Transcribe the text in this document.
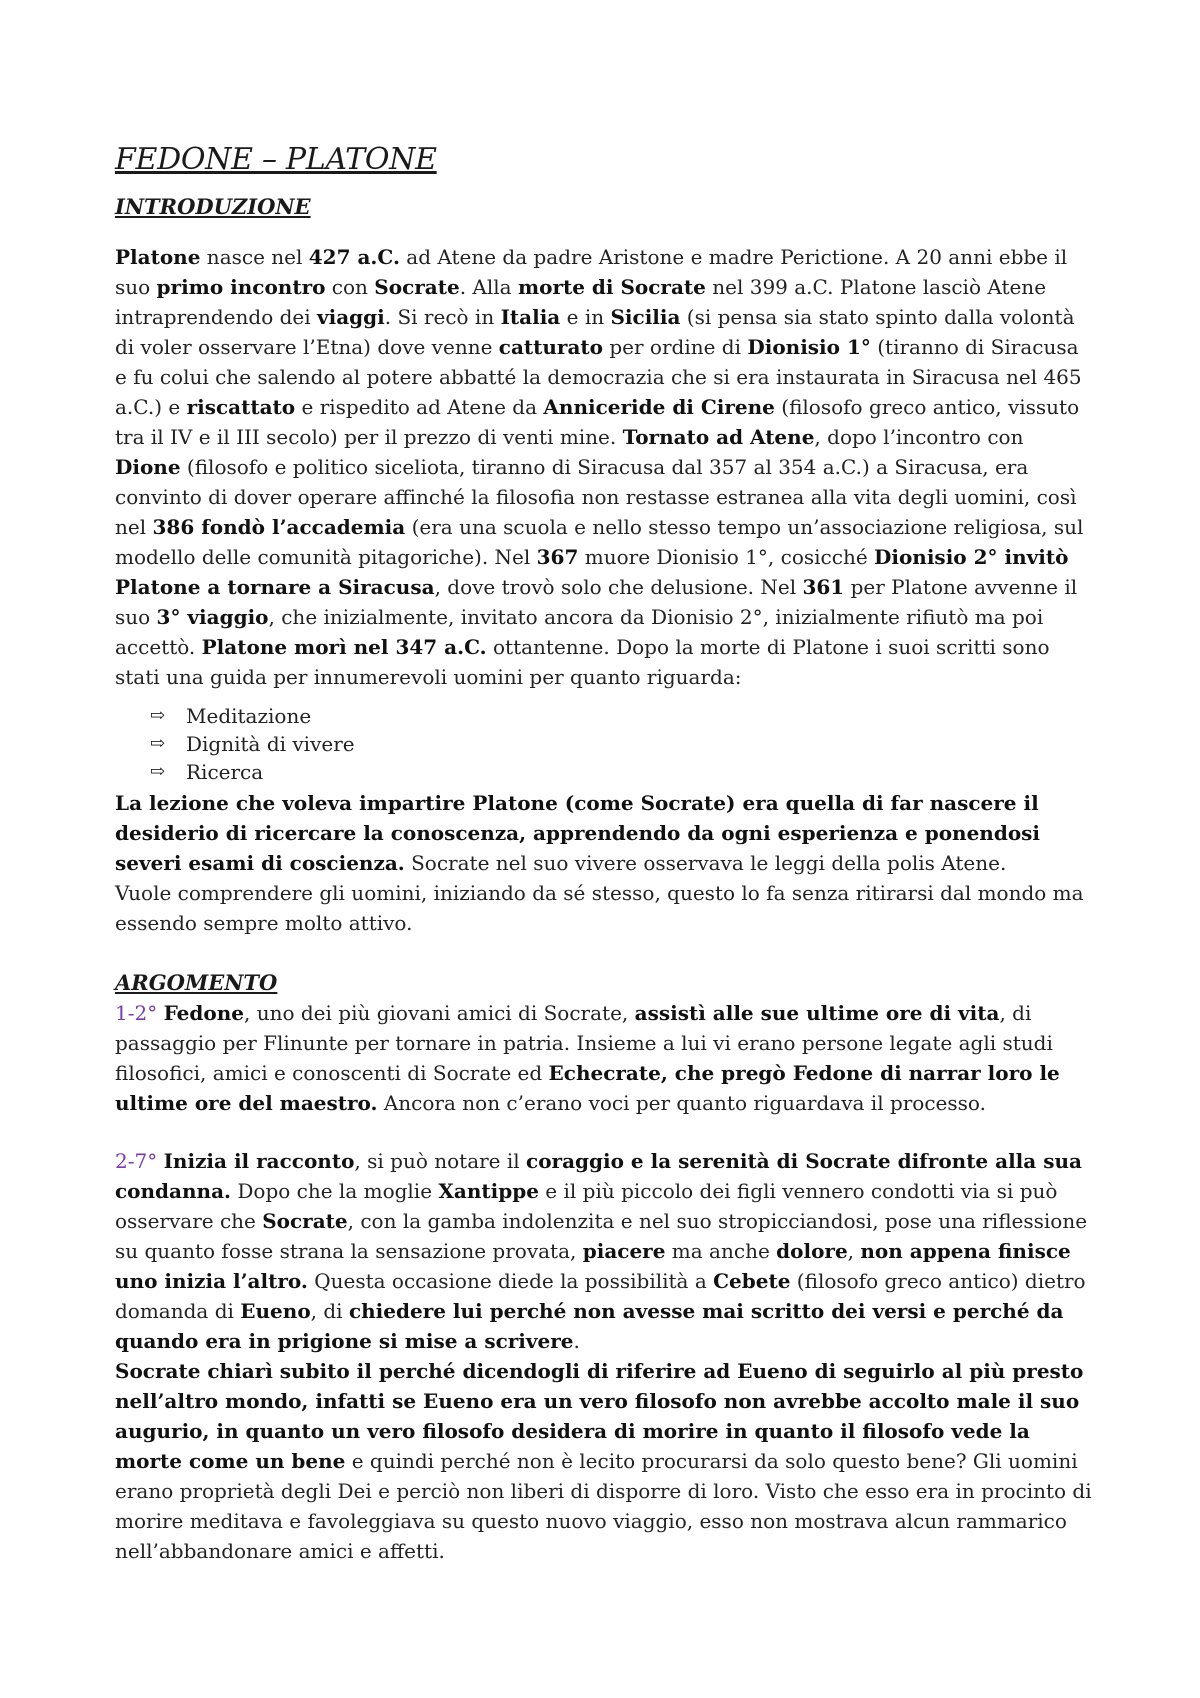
FEDONE – PLATONE
INTRODUZIONE

Platone nasce nel 427 a.C. ad Atene da padre Aristone e madre Perictione. A 20 anni ebbe il suo primo incontro con Socrate. Alla morte di Socrate nel 399 a.C. Platone lasciò Atene intraprendendo dei viaggi. Si recò in Italia e in Sicilia (si pensa sia stato spinto dalla volontà di voler osservare l’Etna) dove venne catturato per ordine di Dionisio 1° (tiranno di Siracusa e fu colui che salendo al potere abbatté la democrazia che si era instaurata in Siracusa nel 465 a.C.) e riscattato e rispedito ad Atene da Anniceride di Cirene (filosofo greco antico, vissuto tra il IV e il III secolo) per il prezzo di venti mine. Tornato ad Atene, dopo l’incontro con Dione (filosofo e politico siceliota, tiranno di Siracusa dal 357 al 354 a.C.) a Siracusa, era convinto di dover operare affinché la filosofia non restasse estranea alla vita degli uomini, così nel 386 fondò l’accademia (era una scuola e nello stesso tempo un’associazione religiosa, sul modello delle comunità pitagoriche). Nel 367 muore Dionisio 1°, cosicché Dionisio 2° invitò Platone a tornare a Siracusa, dove trovò solo che delusione. Nel 361 per Platone avvenne il suo 3° viaggio, che inizialmente, invitato ancora da Dionisio 2°, inizialmente rifiutò ma poi accettò. Platone morì nel 347 a.C. ottantenne. Dopo la morte di Platone i suoi scritti sono stati una guida per innumerevoli uomini per quanto riguarda:

⇨	Meditazione
⇨	Dignità di vivere
⇨	Ricerca

La lezione che voleva impartire Platone (come Socrate) era quella di far nascere il desiderio di ricercare la conoscenza, apprendendo da ogni esperienza e ponendosi severi esami di coscienza. Socrate nel suo vivere osservava le leggi della polis Atene.

Vuole comprendere gli uomini, iniziando da sé stesso, questo lo fa senza ritirarsi dal mondo ma essendo sempre molto attivo.

ARGOMENTO

1-2° Fedone, uno dei più giovani amici di Socrate, assistì alle sue ultime ore di vita, di passaggio per Flinunte per tornare in patria. Insieme a lui vi erano persone legate agli studi filosofici, amici e conoscenti di Socrate ed Echecrate, che pregò Fedone di narrar loro le ultime ore del maestro. Ancora non c’erano voci per quanto riguardava il processo.

2-7° Inizia il racconto, si può notare il coraggio e la serenità di Socrate difronte alla sua condanna. Dopo che la moglie Xantippe e il più piccolo dei figli vennero condotti via si può osservare che Socrate, con la gamba indolenzita e nel suo stropicciandosi, pose una riflessione su quanto fosse strana la sensazione provata, piacere ma anche dolore, non appena finisce uno inizia l’altro. Questa occasione diede la possibilità a Cebete (filosofo greco antico) dietro domanda di Eueno, di chiedere lui perché non avesse mai scritto dei versi e perché da quando era in prigione si mise a scrivere.

Socrate chiarì subito il perché dicendogli di riferire ad Eueno di seguirlo al più presto nell’altro mondo, infatti se Eueno era un vero filosofo non avrebbe accolto male il suo augurio, in quanto un vero filosofo desidera di morire in quanto il filosofo vede la morte come un bene e quindi perché non è lecito procurarsi da solo questo bene? Gli uomini erano proprietà degli Dei e perciò non liberi di disporre di loro. Visto che esso era in procinto di morire meditava e favoleggiava su questo nuovo viaggio, esso non mostrava alcun rammarico nell’abbandonare amici e affetti.
